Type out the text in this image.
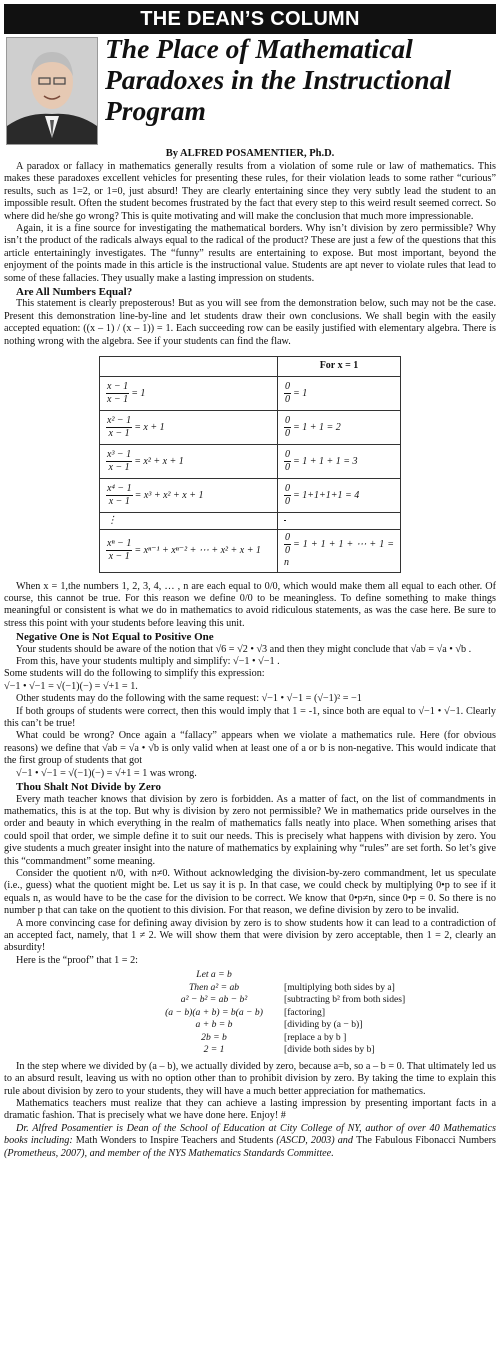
THE DEAN’S COLUMN
The Place of Mathematical Paradoxes in the Instructional Program
By ALFRED POSAMENTIER, Ph.D.

A paradox or fallacy in mathematics generally results from a violation of some rule or law of mathematics. This makes these paradoxes excellent vehicles for presenting these rules, for their violation leads to some rather “curious” results, such as 1=2, or 1=0, just absurd! They are clearly entertaining since they very subtly lead the student to an impossible result. Often the student becomes frustrated by the fact that every step to this weird result seemed correct. So where did he/she go wrong? This is quite motivating and will make the conclusion that much more impressionable.

Again, it is a fine source for investigating the mathematical borders. Why isn’t division by zero permissible? Why isn’t the product of the radicals always equal to the radical of the product? These are just a few of the questions that this article entertainingly investigates. The “funny” results are entertaining to expose. But most important, beyond the enjoyment of the points made in this article is the instructional value. Students are apt never to violate rules that lead to some of these fallacies. They usually make a lasting impression on students.

Are All Numbers Equal?

This statement is clearly preposterous! But as you will see from the demonstration below, such may not be the case. Present this demonstration line-by-line and let students draw their own conclusions. We shall begin with the easily accepted equation: ((x – 1) / (x – 1)) = 1. Each succeeding row can be easily justified with elementary algebra. There is nothing wrong with the algebra. See if your students can find the flaw.

	For x = 1

$\frac{x - 1}{x - 1} = 1$	$\frac{0}{0} = 1$

$\frac{\text{x² − 1}}{x - 1} = x + 1$	$\frac{0}{0} = 1 + 1 = 2$

$\frac{\text{x³ − 1}}{x - 1} = x^2 + x + 1$	$\frac{0}{0} = 1 + 1 + 1 = 3$

$\frac{\text{x⁴ − 1}}{x - 1} = x^3 + x^2 + x + 1$	$\frac{0}{0} = 1+1+1+1 = 4$

⋮	

$\frac{\text{xⁿ − 1}}{x - 1} = x^{n-1} + x^{n-2}$ + ⋯ + x² + x + 1	$\frac{0}{0} = 1 + 1 + 1$ + ⋯ + 1 = n

When x = 1,the numbers 1, 2, 3, 4, … , n are each equal to 0/0, which would make them all equal to each other. Of course, this cannot be true. For this reason we define 0/0 to be meaningless. To define something to make things meaningful or consistent is what we do in mathematics to avoid ridiculous statements, as was the case here. Be sure to stress this point with your students before leaving this unit.

Negative One is Not Equal to Positive One

Your students should be aware of the notion that √6 = √2 • √3 and then they might conclude that √ab = √a • √b .

From this, have your students multiply and simplify: √−1 • √−1 .

Some students will do the following to simplify this expression:

√−1 • √−1 = √(−1)(−) = √+1 = 1.

Other students may do the following with the same request: √−1 • √−1 = (√−1)² = −1

If both groups of students were correct, then this would imply that 1 = -1, since both are equal to √−1 • √−1. Clearly this can’t be true!

What could be wrong? Once again a “fallacy” appears when we violate a mathematics rule. Here (for obvious reasons) we define that √ab = √a • √b is only valid when at least one of a or b is non-negative. This would indicate that the first group of students that got

√−1 • √−1 = √(−1)(−) = √+1 = 1 was wrong.

Thou Shalt Not Divide by Zero

Every math teacher knows that division by zero is forbidden. As a matter of fact, on the list of commandments in mathematics, this is at the top. But why is division by zero not permissible? We in mathematics pride ourselves in the order and beauty in which everything in the realm of mathematics falls neatly into place. When something arises that could spoil that order, we simple define it to suit our needs. This is precisely what happens with division by zero. You give students a much greater insight into the nature of mathematics by explaining why “rules” are set forth. So let’s give this “commandment” some meaning.

Consider the quotient n/0, with n≠0. Without acknowledging the division-by-zero commandment, let us speculate (i.e., guess) what the quotient might be. Let us say it is p. In that case, we could check by multiplying 0•p to see if it equals n, as would have to be the case for the division to be correct. We know that 0•p≠n, since 0•p = 0. So there is no number p that can take on the quotient to this division. For that reason, we define division by zero to be invalid.

A more convincing case for defining away division by zero is to show students how it can lead to a contradiction of an accepted fact, namely, that 1 ≠ 2. We will show them that were division by zero acceptable, then 1 = 2, clearly an absurdity!

Here is the “proof” that 1 = 2:

Let a = b
Then a² = ab	[multiplying both sides by a]
a² − b² = ab − b²	[subtracting b² from both sides]
(a − b)(a + b) = b(a − b)	[factoring]
a + b = b	[dividing by (a − b)]
2b = b	[replace a by b ]
2 = 1	[divide both sides by b]

In the step where we divided by (a – b), we actually divided by zero, because a=b, so a – b = 0. That ultimately led us to an absurd result, leaving us with no option other than to prohibit division by zero. By taking the time to explain this rule about division by zero to your students, they will have a much better appreciation for mathematics.

Mathematics teachers must realize that they can achieve a lasting impression by presenting important facts in a dramatic fashion. That is precisely what we have done here. Enjoy! #

Dr. Alfred Posamentier is Dean of the School of Education at City College of NY, author of over 40 Mathematics books including: Math Wonders to Inspire Teachers and Students (ASCD, 2003) and The Fabulous Fibonacci Numbers (Prometheus, 2007), and member of the NYS Mathematics Standards Committee.
